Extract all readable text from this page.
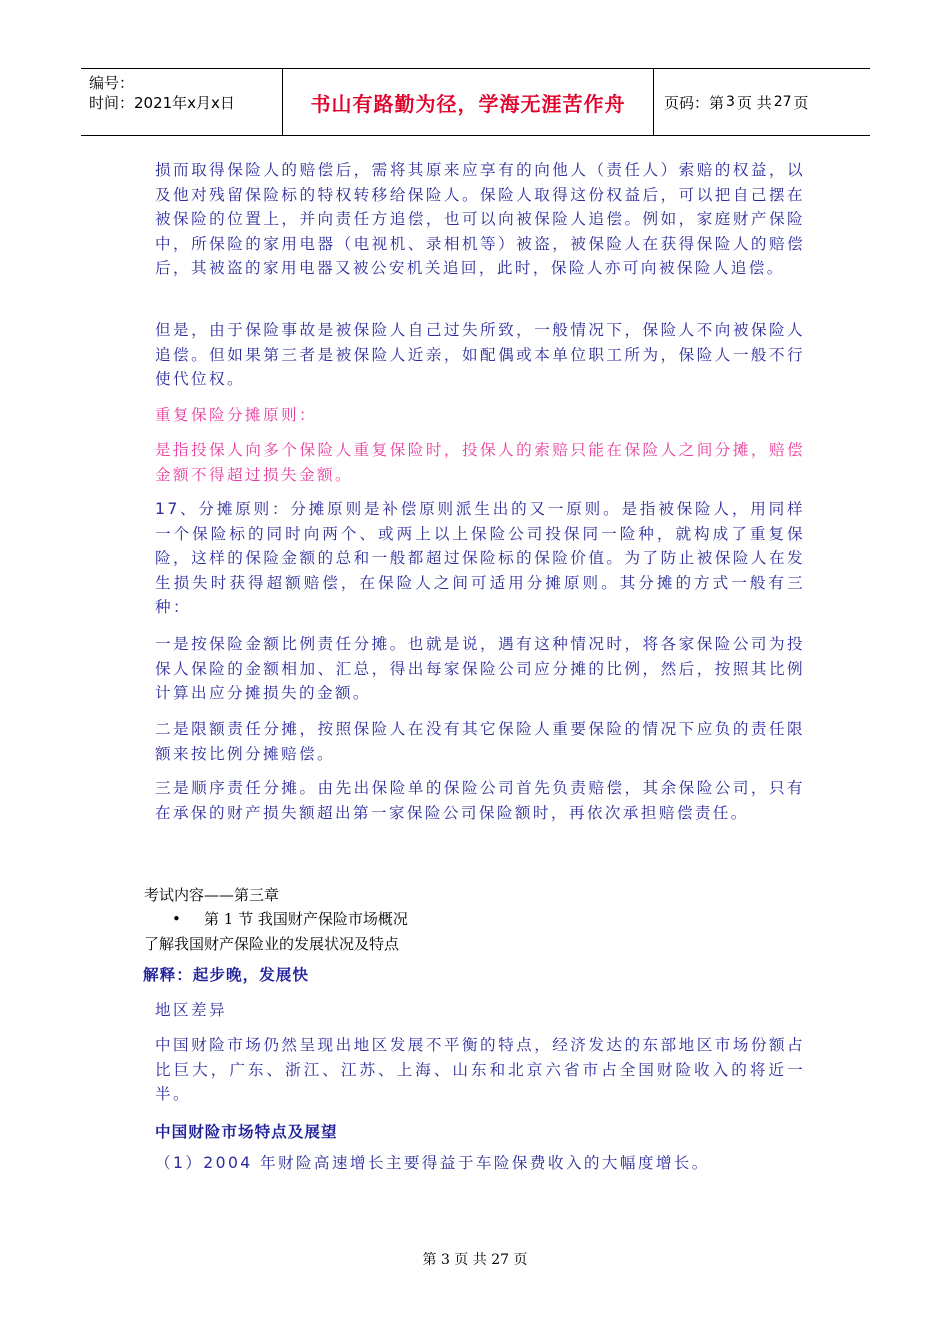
编号：
时间：2021年x月x日	书山有路勤为径，学海无涯苦作舟	页码：第 3 页 共 27 页

损而取得保险人的赔偿后，需将其原来应享有的向他人（责任人）索赔的权益，以及他对残留保险标的特权转移给保险人。保险人取得这份权益后，可以把自己摆在被保险的位置上，并向责任方追偿，也可以向被保险人追偿。例如，家庭财产保险中，所保险的家用电器（电视机、录相机等）被盗，被保险人在获得保险人的赔偿后，其被盗的家用电器又被公安机关追回，此时，保险人亦可向被保险人追偿。

但是，由于保险事故是被保险人自己过失所致，一般情况下，保险人不向被保险人追偿。但如果第三者是被保险人近亲，如配偶或本单位职工所为，保险人一般不行使代位权。

重复保险分摊原则：

是指投保人向多个保险人重复保险时，投保人的索赔只能在保险人之间分摊，赔偿金额不得超过损失金额。

17、分摊原则：分摊原则是补偿原则派生出的又一原则。是指被保险人，用同样一个保险标的同时向两个、或两上以上保险公司投保同一险种，就构成了重复保险，这样的保险金额的总和一般都超过保险标的保险价值。为了防止被保险人在发生损失时获得超额赔偿，在保险人之间可适用分摊原则。其分摊的方式一般有三种：

一是按保险金额比例责任分摊。也就是说，遇有这种情况时，将各家保险公司为投保人保险的金额相加、汇总，得出每家保险公司应分摊的比例，然后，按照其比例计算出应分摊损失的金额。

二是限额责任分摊，按照保险人在没有其它保险人重要保险的情况下应负的责任限额来按比例分摊赔偿。

三是顺序责任分摊。由先出保险单的保险公司首先负责赔偿，其余保险公司，只有在承保的财产损失额超出第一家保险公司保险额时，再依次承担赔偿责任。

考试内容——第三章

• 第 1 节 我国财产保险市场概况

了解我国财产保险业的发展状况及特点

解释：起步晚，发展快

地区差异

中国财险市场仍然呈现出地区发展不平衡的特点，经济发达的东部地区市场份额占比巨大，广东、浙江、江苏、上海、山东和北京六省市占全国财险收入的将近一半。

中国财险市场特点及展望

（1）2004 年财险高速增长主要得益于车险保费收入的大幅度增长。

第 3 页 共 27 页
